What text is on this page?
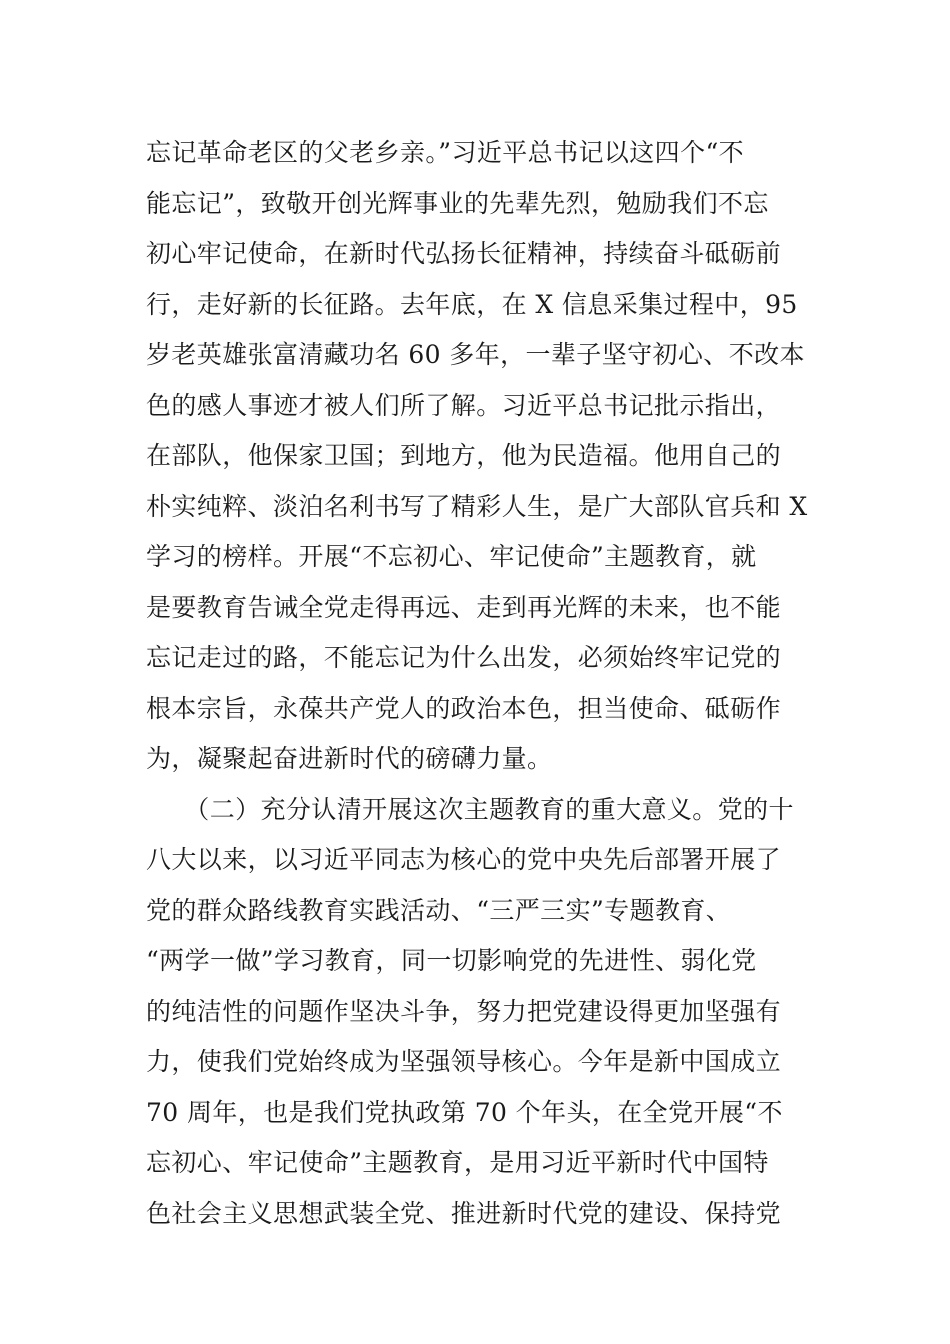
忘记革命老区的父老乡亲。”习近平总书记以这四个“不
能忘记”，致敬开创光辉事业的先辈先烈，勉励我们不忘
初心牢记使命，在新时代弘扬长征精神，持续奋斗砥砺前
行，走好新的长征路。去年底，在 X 信息采集过程中，95
岁老英雄张富清藏功名 60 多年，一辈子坚守初心、不改本
色的感人事迹才被人们所了解。习近平总书记批示指出，
在部队，他保家卫国；到地方，他为民造福。他用自己的
朴实纯粹、淡泊名利书写了精彩人生，是广大部队官兵和 X
学习的榜样。开展“不忘初心、牢记使命”主题教育，就
是要教育告诫全党走得再远、走到再光辉的未来，也不能
忘记走过的路，不能忘记为什么出发，必须始终牢记党的
根本宗旨，永葆共产党人的政治本色，担当使命、砥砺作
为，凝聚起奋进新时代的磅礴力量。
　　（二）充分认清开展这次主题教育的重大意义。党的十
八大以来，以习近平同志为核心的党中央先后部署开展了
党的群众路线教育实践活动、“三严三实”专题教育、
“两学一做”学习教育，同一切影响党的先进性、弱化党
的纯洁性的问题作坚决斗争，努力把党建设得更加坚强有
力，使我们党始终成为坚强领导核心。今年是新中国成立
70 周年，也是我们党执政第 70 个年头，在全党开展“不
忘初心、牢记使命”主题教育，是用习近平新时代中国特
色社会主义思想武装全党、推进新时代党的建设、保持党
